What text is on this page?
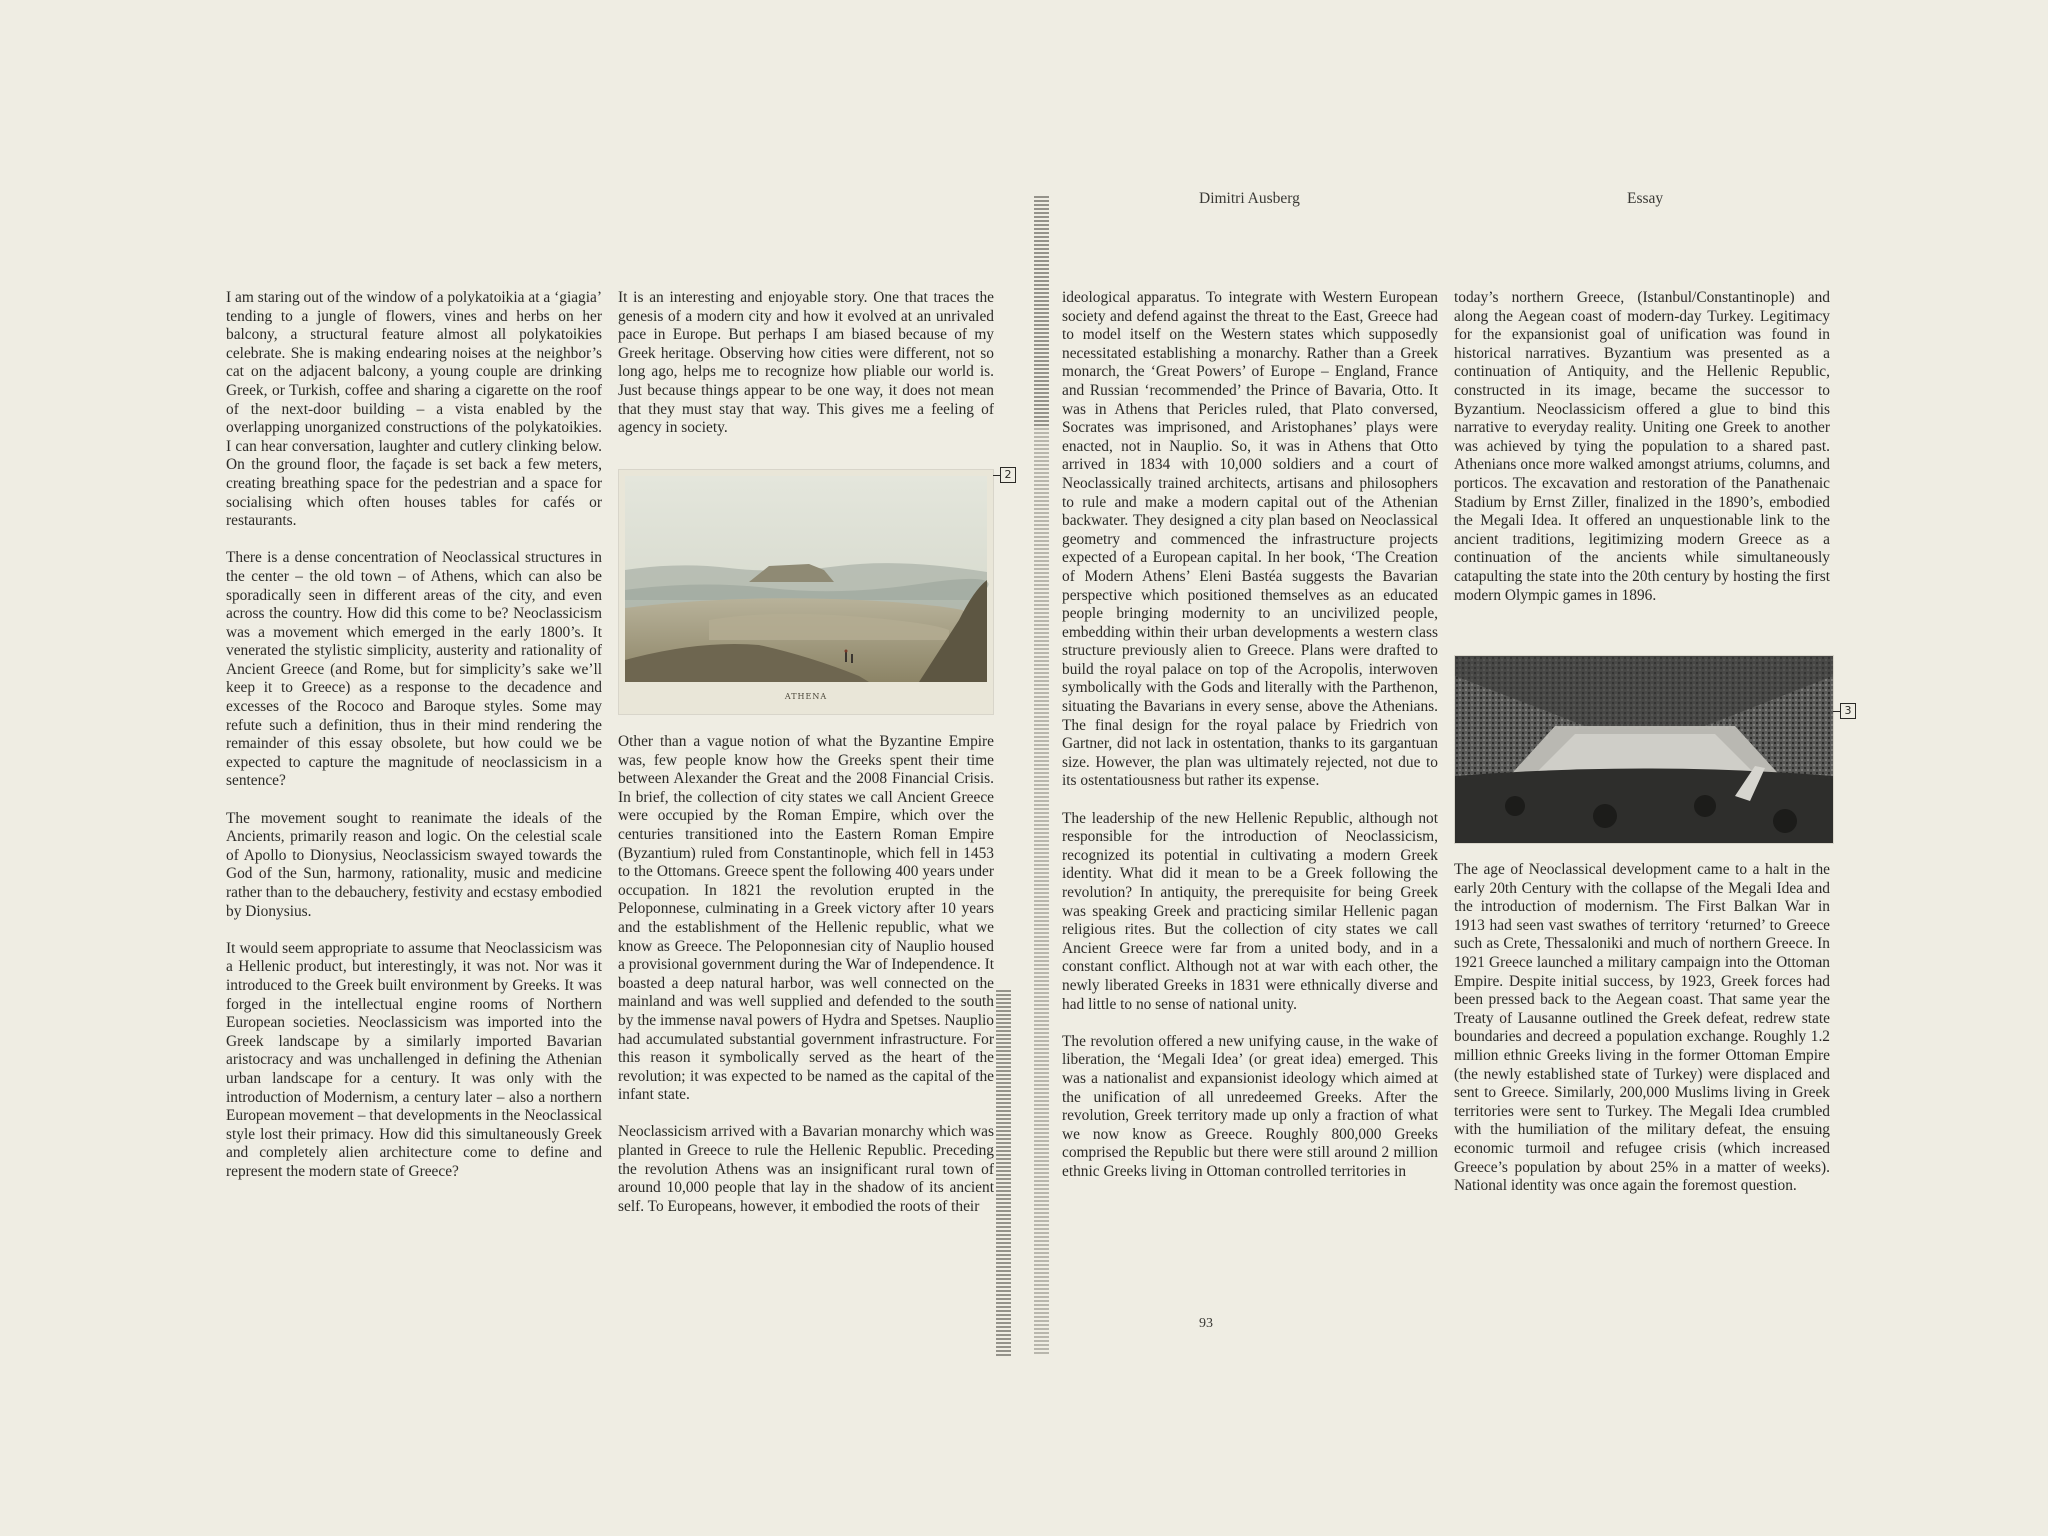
Dimitri Ausberg	Essay

I am staring out of the window of a polykatoikia at a ‘giagia’ tending to a jungle of flowers, vines and herbs on her balcony, a structural feature almost all polykatoikies celebrate. She is making endearing noises at the neighbor’s cat on the adjacent balcony, a young couple are drinking Greek, or Turkish, coffee and sharing a cigarette on the roof of the next-door building – a vista enabled by the overlapping unorganized constructions of the polykatoikies. I can hear conversation, laughter and cutlery clinking below. On the ground floor, the façade is set back a few meters, creating breathing space for the pedestrian and a space for socialising which often houses tables for cafés or restaurants.

There is a dense concentration of Neoclassical structures in the center – the old town – of Athens, which can also be sporadically seen in different areas of the city, and even across the country. How did this come to be? Neoclassicism was a movement which emerged in the early 1800’s. It venerated the stylistic simplicity, austerity and rationality of Ancient Greece (and Rome, but for simplicity’s sake we’ll keep it to Greece) as a response to the decadence and excesses of the Rococo and Baroque styles. Some may refute such a definition, thus in their mind rendering the remainder of this essay obsolete, but how could we be expected to capture the magnitude of neoclassicism in a sentence?

The movement sought to reanimate the ideals of the Ancients, primarily reason and logic. On the celestial scale of Apollo to Dionysius, Neoclassicism swayed towards the God of the Sun, harmony, rationality, music and medicine rather than to the debauchery, festivity and ecstasy embodied by Dionysius.

It would seem appropriate to assume that Neoclassicism was a Hellenic product, but interestingly, it was not. Nor was it introduced to the Greek built environment by Greeks. It was forged in the intellectual engine rooms of Northern European societies. Neoclassicism was imported into the Greek landscape by a similarly imported Bavarian aristocracy and was unchallenged in defining the Athenian urban landscape for a century. It was only with the introduction of Modernism, a century later – also a northern European movement – that developments in the Neoclassical style lost their primacy. How did this simultaneously Greek and completely alien architecture come to define and represent the modern state of Greece?

It is an interesting and enjoyable story. One that traces the genesis of a modern city and how it evolved at an unrivaled pace in Europe. But perhaps I am biased because of my Greek heritage. Observing how cities were different, not so long ago, helps me to recognize how pliable our world is. Just because things appear to be one way, it does not mean that they must stay that way. This gives me a feeling of agency in society.

ATHENA
2

Other than a vague notion of what the Byzantine Empire was, few people know how the Greeks spent their time between Alexander the Great and the 2008 Financial Crisis. In brief, the collection of city states we call Ancient Greece were occupied by the Roman Empire, which over the centuries transitioned into the Eastern Roman Empire (Byzantium) ruled from Constantinople, which fell in 1453 to the Ottomans. Greece spent the following 400 years under occupation. In 1821 the revolution erupted in the Peloponnese, culminating in a Greek victory after 10 years and the establishment of the Hellenic republic, what we know as Greece. The Peloponnesian city of Nauplio housed a provisional government during the War of Independence. It boasted a deep natural harbor, was well connected on the mainland and was well supplied and defended to the south by the immense naval powers of Hydra and Spetses. Nauplio had accumulated substantial government infrastructure. For this reason it symbolically served as the heart of the revolution; it was expected to be named as the capital of the infant state.

Neoclassicism arrived with a Bavarian monarchy which was planted in Greece to rule the Hellenic Republic. Preceding the revolution Athens was an insignificant rural town of around 10,000 people that lay in the shadow of its ancient self. To Europeans, however, it embodied the roots of their

ideological apparatus. To integrate with Western European society and defend against the threat to the East, Greece had to model itself on the Western states which supposedly necessitated establishing a monarchy. Rather than a Greek monarch, the ‘Great Powers’ of Europe – England, France and Russian ‘recommended’ the Prince of Bavaria, Otto. It was in Athens that Pericles ruled, that Plato conversed, Socrates was imprisoned, and Aristophanes’ plays were enacted, not in Nauplio. So, it was in Athens that Otto arrived in 1834 with 10,000 soldiers and a court of Neoclassically trained architects, artisans and philosophers to rule and make a modern capital out of the Athenian backwater. They designed a city plan based on Neoclassical geometry and commenced the infrastructure projects expected of a European capital. In her book, ‘The Creation of Modern Athens’ Eleni Bastéa suggests the Bavarian perspective which positioned themselves as an educated people bringing modernity to an uncivilized people, embedding within their urban developments a western class structure previously alien to Greece. Plans were drafted to build the royal palace on top of the Acropolis, interwoven symbolically with the Gods and literally with the Parthenon, situating the Bavarians in every sense, above the Athenians. The final design for the royal palace by Friedrich von Gartner, did not lack in ostentation, thanks to its gargantuan size. However, the plan was ultimately rejected, not due to its ostentatiousness but rather its expense.

The leadership of the new Hellenic Republic, although not responsible for the introduction of Neoclassicism, recognized its potential in cultivating a modern Greek identity. What did it mean to be a Greek following the revolution? In antiquity, the prerequisite for being Greek was speaking Greek and practicing similar Hellenic pagan religious rites. But the collection of city states we call Ancient Greece were far from a united body, and in a constant conflict. Although not at war with each other, the newly liberated Greeks in 1831 were ethnically diverse and had little to no sense of national unity.

The revolution offered a new unifying cause, in the wake of liberation, the ‘Megali Idea’ (or great idea) emerged. This was a nationalist and expansionist ideology which aimed at the unification of all unredeemed Greeks. After the revolution, Greek territory made up only a fraction of what we now know as Greece. Roughly 800,000 Greeks comprised the Republic but there were still around 2 million ethnic Greeks living in Ottoman controlled territories in

today’s northern Greece, (Istanbul/Constantinople) and along the Aegean coast of modern-day Turkey. Legitimacy for the expansionist goal of unification was found in historical narratives. Byzantium was presented as a continuation of Antiquity, and the Hellenic Republic, constructed in its image, became the successor to Byzantium. Neoclassicism offered a glue to bind this narrative to everyday reality. Uniting one Greek to another was achieved by tying the population to a shared past. Athenians once more walked amongst atriums, columns, and porticos. The excavation and restoration of the Panathenaic Stadium by Ernst Ziller, finalized in the 1890’s, embodied the Megali Idea. It offered an unquestionable link to the ancient traditions, legitimizing modern Greece as a continuation of the ancients while simultaneously catapulting the state into the 20th century by hosting the first modern Olympic games in 1896.

3

The age of Neoclassical development came to a halt in the early 20th Century with the collapse of the Megali Idea and the introduction of modernism. The First Balkan War in 1913 had seen vast swathes of territory ‘returned’ to Greece such as Crete, Thessaloniki and much of northern Greece. In 1921 Greece launched a military campaign into the Ottoman Empire. Despite initial success, by 1923, Greek forces had been pressed back to the Aegean coast. That same year the Treaty of Lausanne outlined the Greek defeat, redrew state boundaries and decreed a population exchange. Roughly 1.2 million ethnic Greeks living in the former Ottoman Empire (the newly established state of Turkey) were displaced and sent to Greece. Similarly, 200,000 Muslims living in Greek territories were sent to Turkey. The Megali Idea crumbled with the humiliation of the military defeat, the ensuing economic turmoil and refugee crisis (which increased Greece’s population by about 25% in a matter of weeks). National identity was once again the foremost question.

93
